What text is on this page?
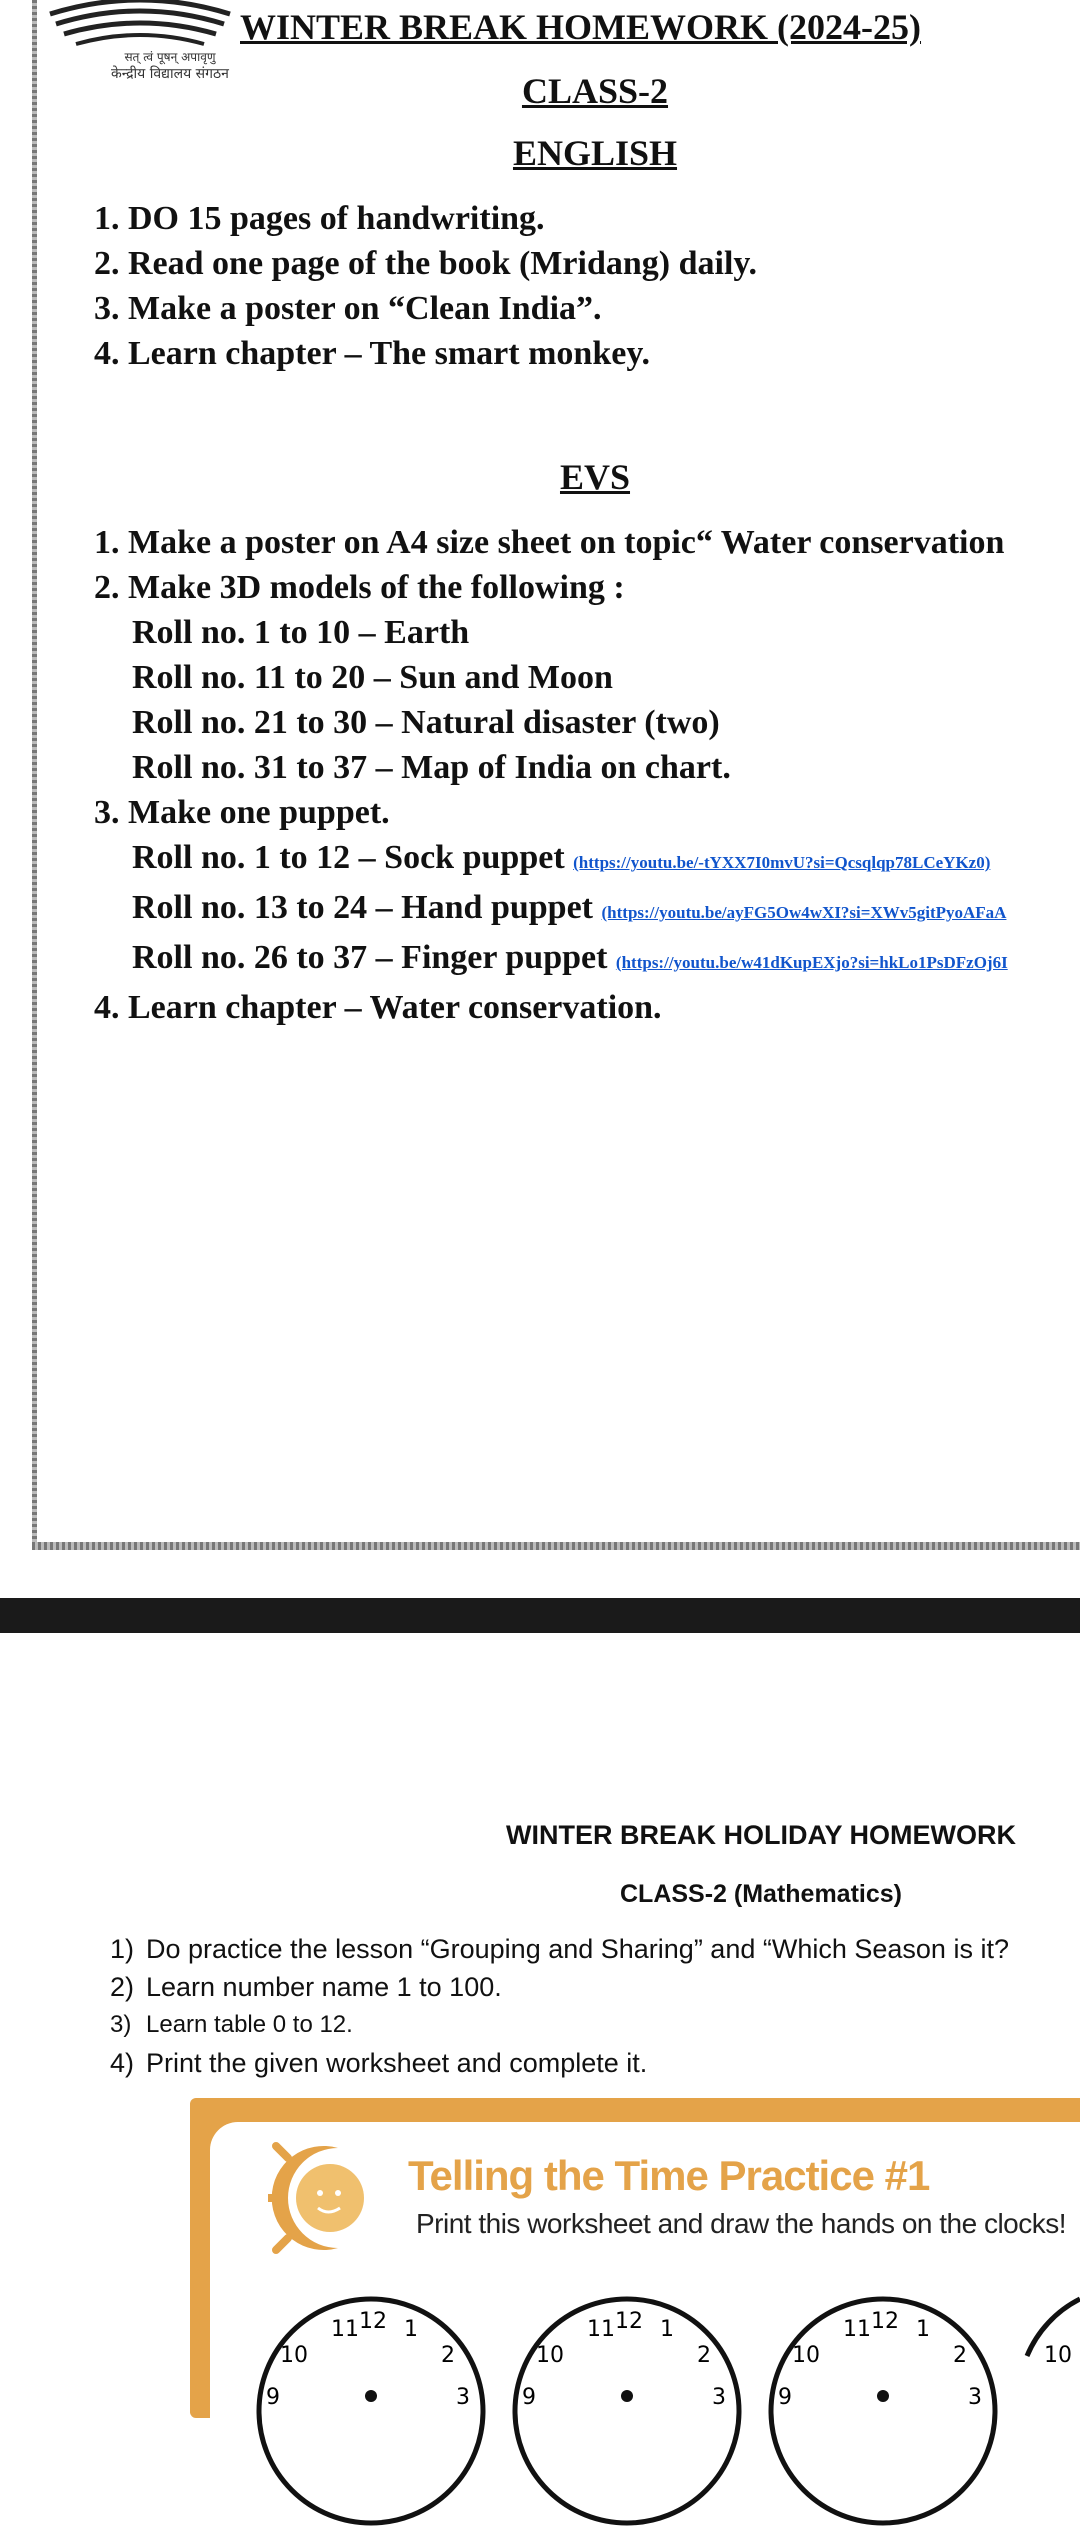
सत् त्वं पूषन् अपावृणु
केन्द्रीय विद्यालय संगठन
WINTER BREAK HOMEWORK (2024-25)
CLASS-2
ENGLISH
1. DO 15 pages of handwriting.
2. Read one page of the book (Mridang) daily.
3. Make a poster on “Clean India”.
4. Learn chapter – The smart monkey.
EVS
1. Make a poster on A4 size sheet on topic“ Water conservation
2. Make 3D models of the following :
Roll no. 1 to 10 – Earth
Roll no. 11 to 20 – Sun and Moon
Roll no. 21 to 30 – Natural disaster (two)
Roll no. 31 to 37 – Map of India on chart.
3. Make one puppet.
Roll no. 1 to 12 – Sock puppet (https://youtu.be/-tYXX7I0mvU?si=Qcsqlqp78LCeYKz0)
Roll no. 13 to 24 – Hand puppet (https://youtu.be/ayFG5Ow4wXI?si=XWv5gitPyoAFaA
Roll no. 26 to 37 – Finger puppet (https://youtu.be/w41dKupEXjo?si=hkLo1PsDFzOj6I
4. Learn chapter – Water conservation.
WINTER BREAK HOLIDAY HOMEWORK
CLASS-2 (Mathematics)
1) Do practice the lesson “Grouping and Sharing” and “Which Season is it?
2) Learn number name 1 to 100.
3) Learn table 0 to 12.
4) Print the given worksheet and complete it.
Telling the Time Practice #1
Print this worksheet and draw the hands on the clocks!
11 12 1
10	2
9	3
11 12 1
10	2
9	3
11 12 1
10	2
9	3
10
